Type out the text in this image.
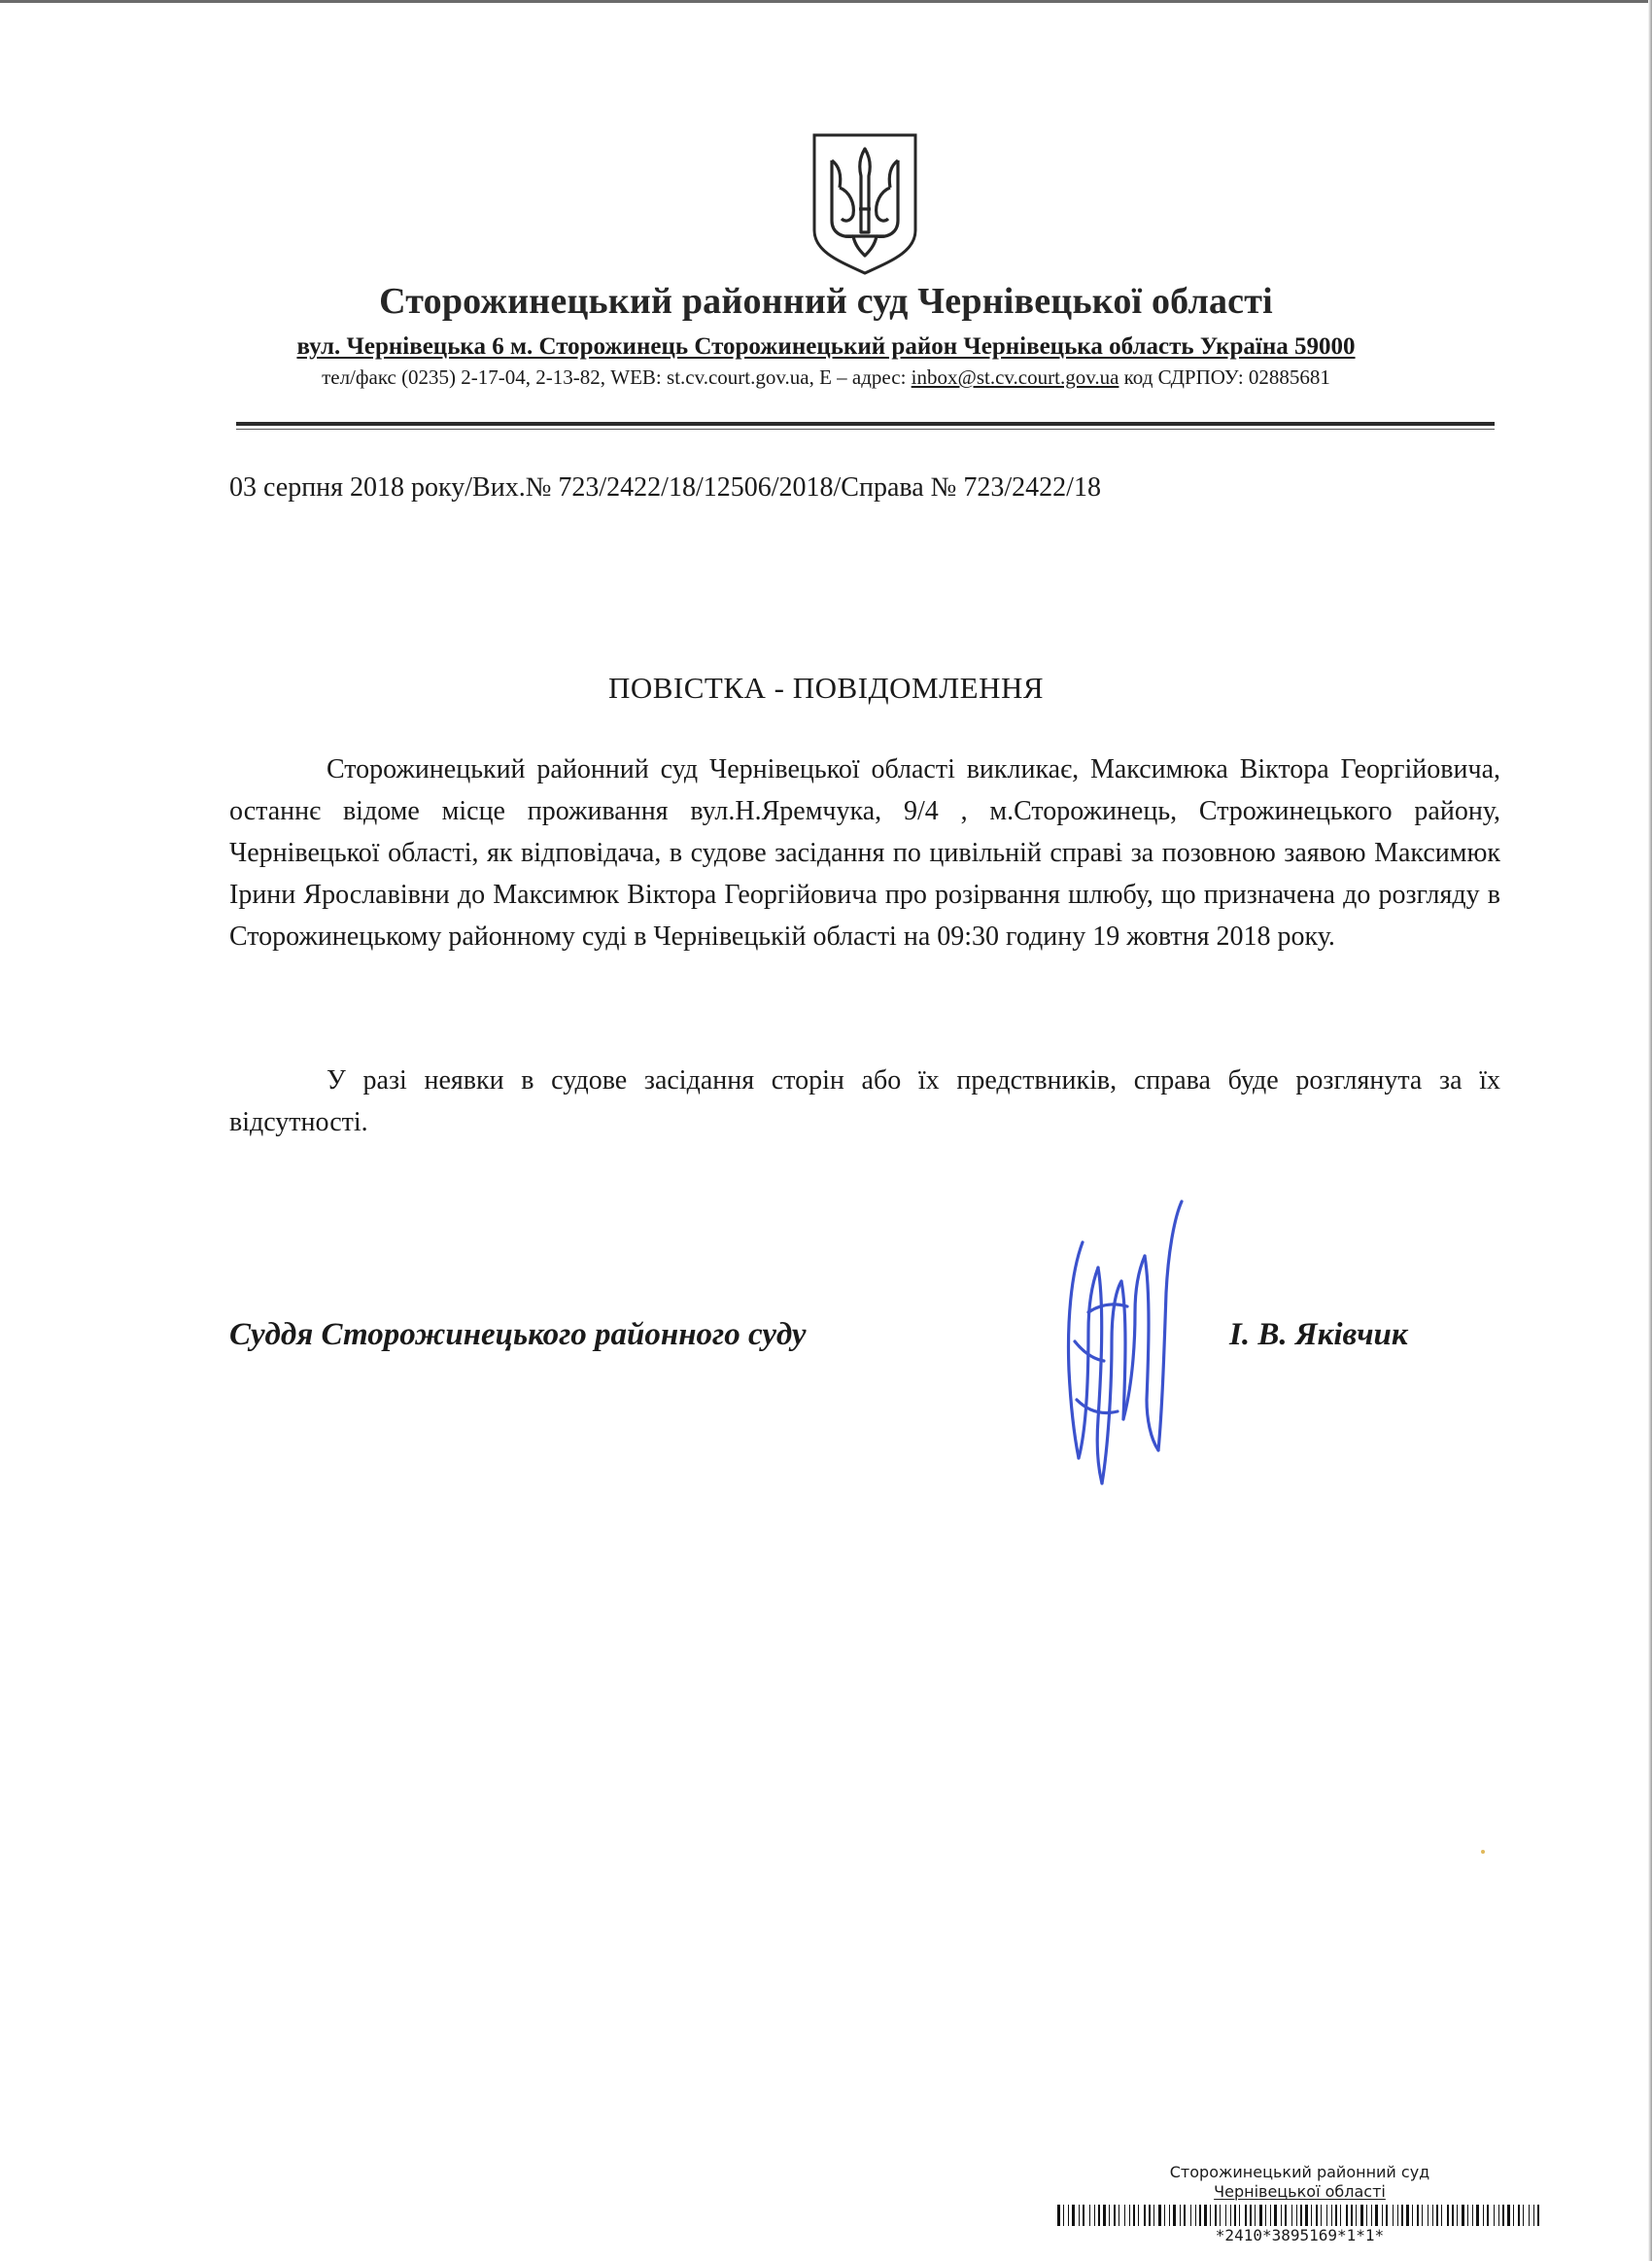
Сторожинецький районний суд Чернівецької області
вул. Чернівецька 6 м. Сторожинець Сторожинецький район Чернівецька область Україна 59000
тел/факс (0235) 2-17-04, 2-13-82, WEB: st.cv.court.gov.ua, E – адрес: inbox@st.cv.court.gov.ua код СДРПОУ: 02885681
03 серпня 2018 року/Вих.№ 723/2422/18/12506/2018/Справа № 723/2422/18
ПОВІСТКА - ПОВІДОМЛЕННЯ

Сторожинецький районний суд Чернівецької області викликає, Максимюка Віктора Георгійовича, останнє відоме місце проживання вул.Н.Яремчука, 9/4 , м.Сторожинець, Строжинецького району, Чернівецької області, як відповідача, в судове засідання по цивільній справі за позовною заявою Максимюк Ірини Ярославівни до Максимюк Віктора Георгійовича про розірвання шлюбу, що призначена до розгляду в Сторожинецькому районному суді в Чернівецькій області на 09:30 годину 19 жовтня 2018 року.

У разі неявки в судове засідання сторін або їх предствників, справа буде розглянута за їх відсутності.

Суддя Сторожинецького районного суду	І. В. Яківчик
Сторожинецький районний суд
Чернівецької області
*2410*3895169*1*1*
